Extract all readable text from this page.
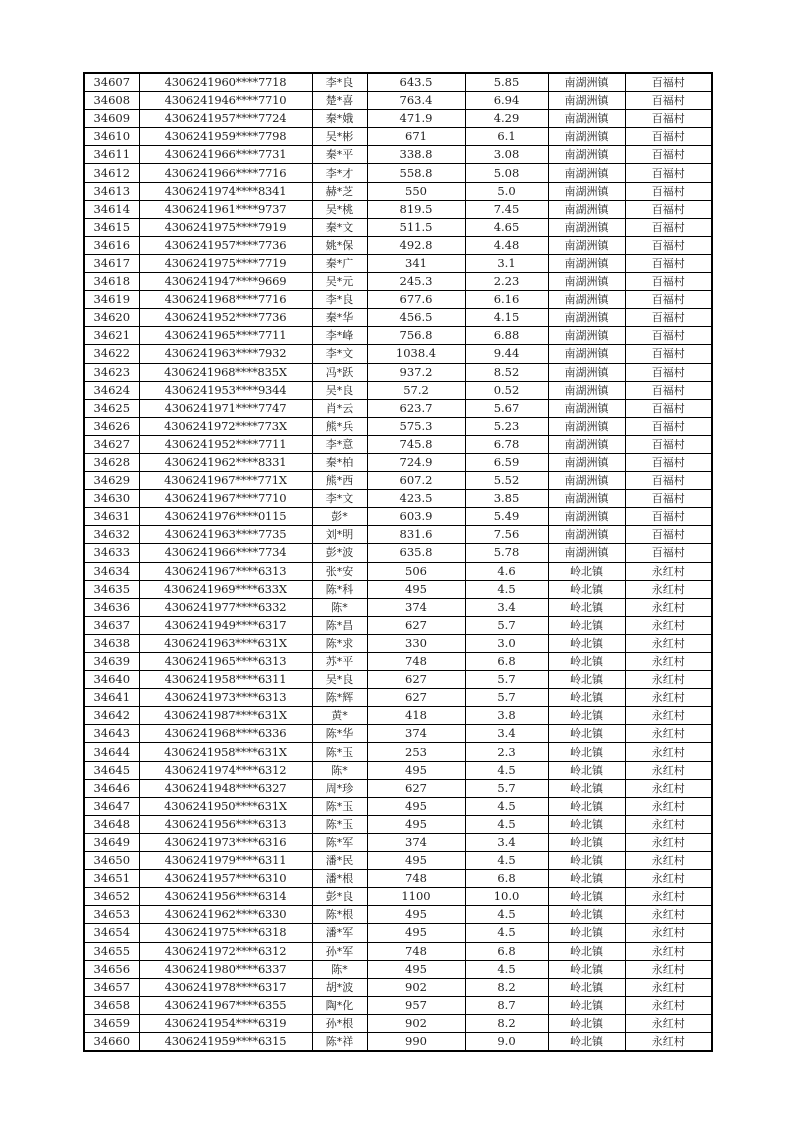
34607	4306241960****7718	李*良	643.5	5.85	南湖洲镇	百福村
34608	4306241946****7710	楚*喜	763.4	6.94	南湖洲镇	百福村
34609	4306241957****7724	秦*娥	471.9	4.29	南湖洲镇	百福村
34610	4306241959****7798	吴*彬	671	6.1	南湖洲镇	百福村
34611	4306241966****7731	秦*平	338.8	3.08	南湖洲镇	百福村
34612	4306241966****7716	李*才	558.8	5.08	南湖洲镇	百福村
34613	4306241974****8341	赫*芝	550	5.0	南湖洲镇	百福村
34614	4306241961****9737	吴*桃	819.5	7.45	南湖洲镇	百福村
34615	4306241975****7919	秦*文	511.5	4.65	南湖洲镇	百福村
34616	4306241957****7736	姚*保	492.8	4.48	南湖洲镇	百福村
34617	4306241975****7719	秦*广	341	3.1	南湖洲镇	百福村
34618	4306241947****9669	吴*元	245.3	2.23	南湖洲镇	百福村
34619	4306241968****7716	李*良	677.6	6.16	南湖洲镇	百福村
34620	4306241952****7736	秦*华	456.5	4.15	南湖洲镇	百福村
34621	4306241965****7711	李*峰	756.8	6.88	南湖洲镇	百福村
34622	4306241963****7932	李*文	1038.4	9.44	南湖洲镇	百福村
34623	4306241968****835X	冯*跃	937.2	8.52	南湖洲镇	百福村
34624	4306241953****9344	吴*良	57.2	0.52	南湖洲镇	百福村
34625	4306241971****7747	肖*云	623.7	5.67	南湖洲镇	百福村
34626	4306241972****773X	熊*兵	575.3	5.23	南湖洲镇	百福村
34627	4306241952****7711	李*意	745.8	6.78	南湖洲镇	百福村
34628	4306241962****8331	秦*柏	724.9	6.59	南湖洲镇	百福村
34629	4306241967****771X	熊*西	607.2	5.52	南湖洲镇	百福村
34630	4306241967****7710	李*文	423.5	3.85	南湖洲镇	百福村
34631	4306241976****0115	彭*	603.9	5.49	南湖洲镇	百福村
34632	4306241963****7735	刘*明	831.6	7.56	南湖洲镇	百福村
34633	4306241966****7734	彭*波	635.8	5.78	南湖洲镇	百福村
34634	4306241967****6313	张*安	506	4.6	岭北镇	永红村
34635	4306241969****633X	陈*科	495	4.5	岭北镇	永红村
34636	4306241977****6332	陈*	374	3.4	岭北镇	永红村
34637	4306241949****6317	陈*昌	627	5.7	岭北镇	永红村
34638	4306241963****631X	陈*求	330	3.0	岭北镇	永红村
34639	4306241965****6313	苏*平	748	6.8	岭北镇	永红村
34640	4306241958****6311	吴*良	627	5.7	岭北镇	永红村
34641	4306241973****6313	陈*辉	627	5.7	岭北镇	永红村
34642	4306241987****631X	黄*	418	3.8	岭北镇	永红村
34643	4306241968****6336	陈*华	374	3.4	岭北镇	永红村
34644	4306241958****631X	陈*玉	253	2.3	岭北镇	永红村
34645	4306241974****6312	陈*	495	4.5	岭北镇	永红村
34646	4306241948****6327	周*珍	627	5.7	岭北镇	永红村
34647	4306241950****631X	陈*玉	495	4.5	岭北镇	永红村
34648	4306241956****6313	陈*玉	495	4.5	岭北镇	永红村
34649	4306241973****6316	陈*军	374	3.4	岭北镇	永红村
34650	4306241979****6311	潘*民	495	4.5	岭北镇	永红村
34651	4306241957****6310	潘*根	748	6.8	岭北镇	永红村
34652	4306241956****6314	彭*良	1100	10.0	岭北镇	永红村
34653	4306241962****6330	陈*根	495	4.5	岭北镇	永红村
34654	4306241975****6318	潘*军	495	4.5	岭北镇	永红村
34655	4306241972****6312	孙*军	748	6.8	岭北镇	永红村
34656	4306241980****6337	陈*	495	4.5	岭北镇	永红村
34657	4306241978****6317	胡*波	902	8.2	岭北镇	永红村
34658	4306241967****6355	陶*化	957	8.7	岭北镇	永红村
34659	4306241954****6319	孙*根	902	8.2	岭北镇	永红村
34660	4306241959****6315	陈*祥	990	9.0	岭北镇	永红村
